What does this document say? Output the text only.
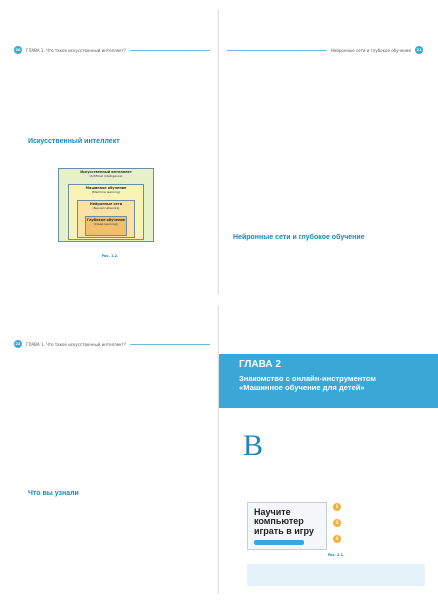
20	ГЛАВА 1. Что такое искусственный интеллект?
Искусственный интеллект
Искусственный интеллект
(Artificial Intelligence)
Машинное обучение
(Machine learning)
Нейронные сети
(Neural networks)
Глубокое обучение
(Deep learning)
Рис. 1.2.
Нейронные сети и глубокое обучение	21
Нейронные сети и глубокое обучение
22	ГЛАВА 1. Что такое искусственный интеллект?
Что вы узнали
ГЛАВА 2
Знакомство с онлайн-инструментом «Машинное обучение для детей»
В
Научите компьютер играть в игру
1
2
3
Рис. 2.1.
